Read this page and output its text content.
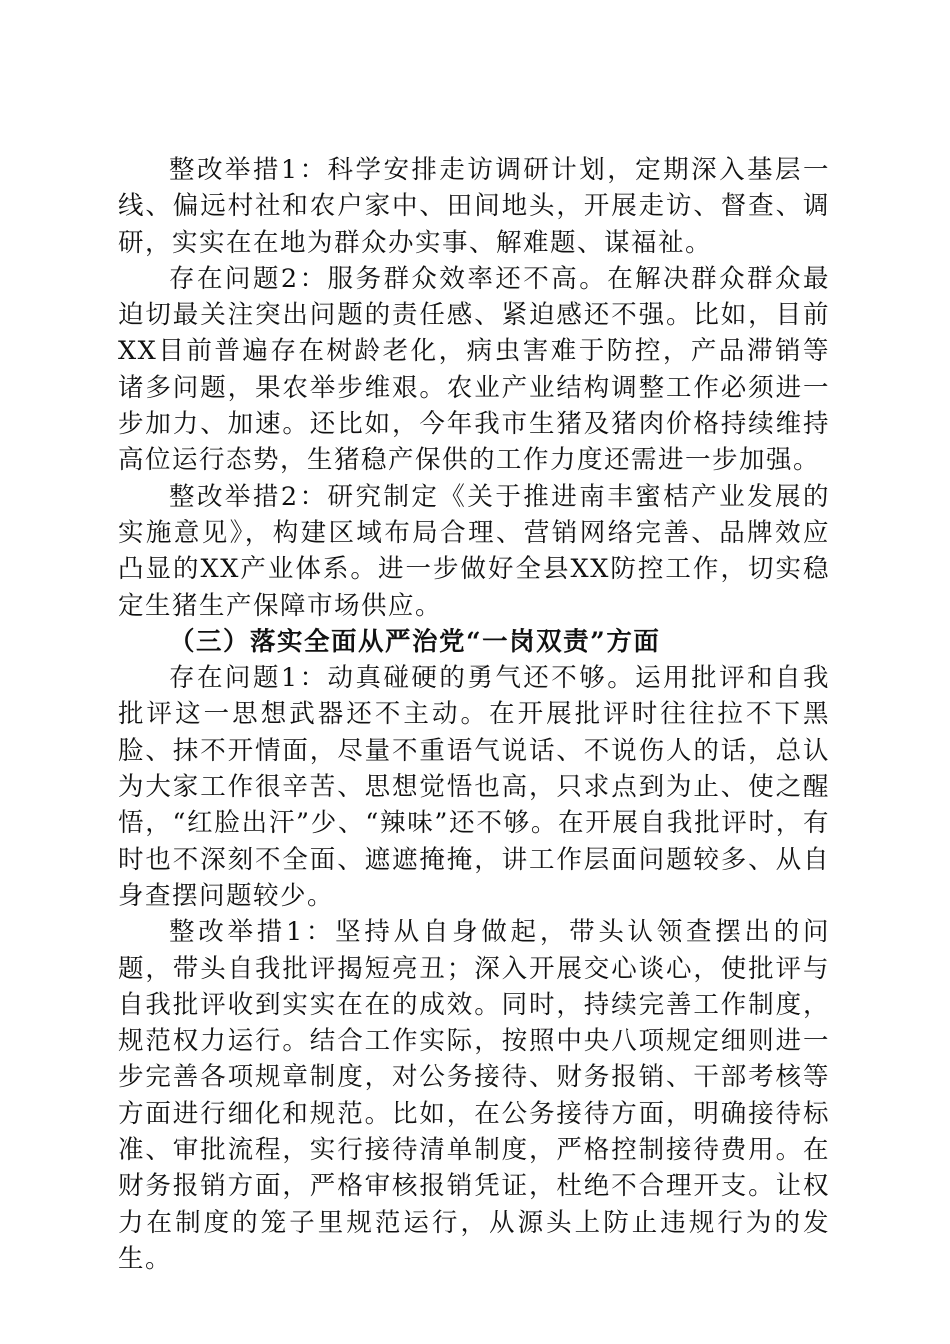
整改举措1：科学安排走访调研计划，定期深入基层一线、偏远村社和农户家中、田间地头，开展走访、督查、调研，实实在在地为群众办实事、解难题、谋福祉。

存在问题2：服务群众效率还不高。在解决群众群众最迫切最关注突出问题的责任感、紧迫感还不强。比如，目前XX目前普遍存在树龄老化，病虫害难于防控，产品滞销等诸多问题，果农举步维艰。农业产业结构调整工作必须进一步加力、加速。还比如，今年我市生猪及猪肉价格持续维持高位运行态势，生猪稳产保供的工作力度还需进一步加强。

整改举措2：研究制定《关于推进南丰蜜桔产业发展的实施意见》，构建区域布局合理、营销网络完善、品牌效应凸显的XX产业体系。进一步做好全县XX防控工作，切实稳定生猪生产保障市场供应。

（三）落实全面从严治党“一岗双责”方面

存在问题1：动真碰硬的勇气还不够。运用批评和自我批评这一思想武器还不主动。在开展批评时往往拉不下黑脸、抹不开情面，尽量不重语气说话、不说伤人的话，总认为大家工作很辛苦、思想觉悟也高，只求点到为止、使之醒悟，“红脸出汗”少、“辣味”还不够。在开展自我批评时，有时也不深刻不全面、遮遮掩掩，讲工作层面问题较多、从自身查摆问题较少。

整改举措1：坚持从自身做起，带头认领查摆出的问题，带头自我批评揭短亮丑；深入开展交心谈心，使批评与自我批评收到实实在在的成效。同时，持续完善工作制度，规范权力运行。结合工作实际，按照中央八项规定细则进一步完善各项规章制度，对公务接待、财务报销、干部考核等方面进行细化和规范。比如，在公务接待方面，明确接待标准、审批流程，实行接待清单制度，严格控制接待费用。在财务报销方面，严格审核报销凭证，杜绝不合理开支。让权力在制度的笼子里规范运行，从源头上防止违规行为的发生。
